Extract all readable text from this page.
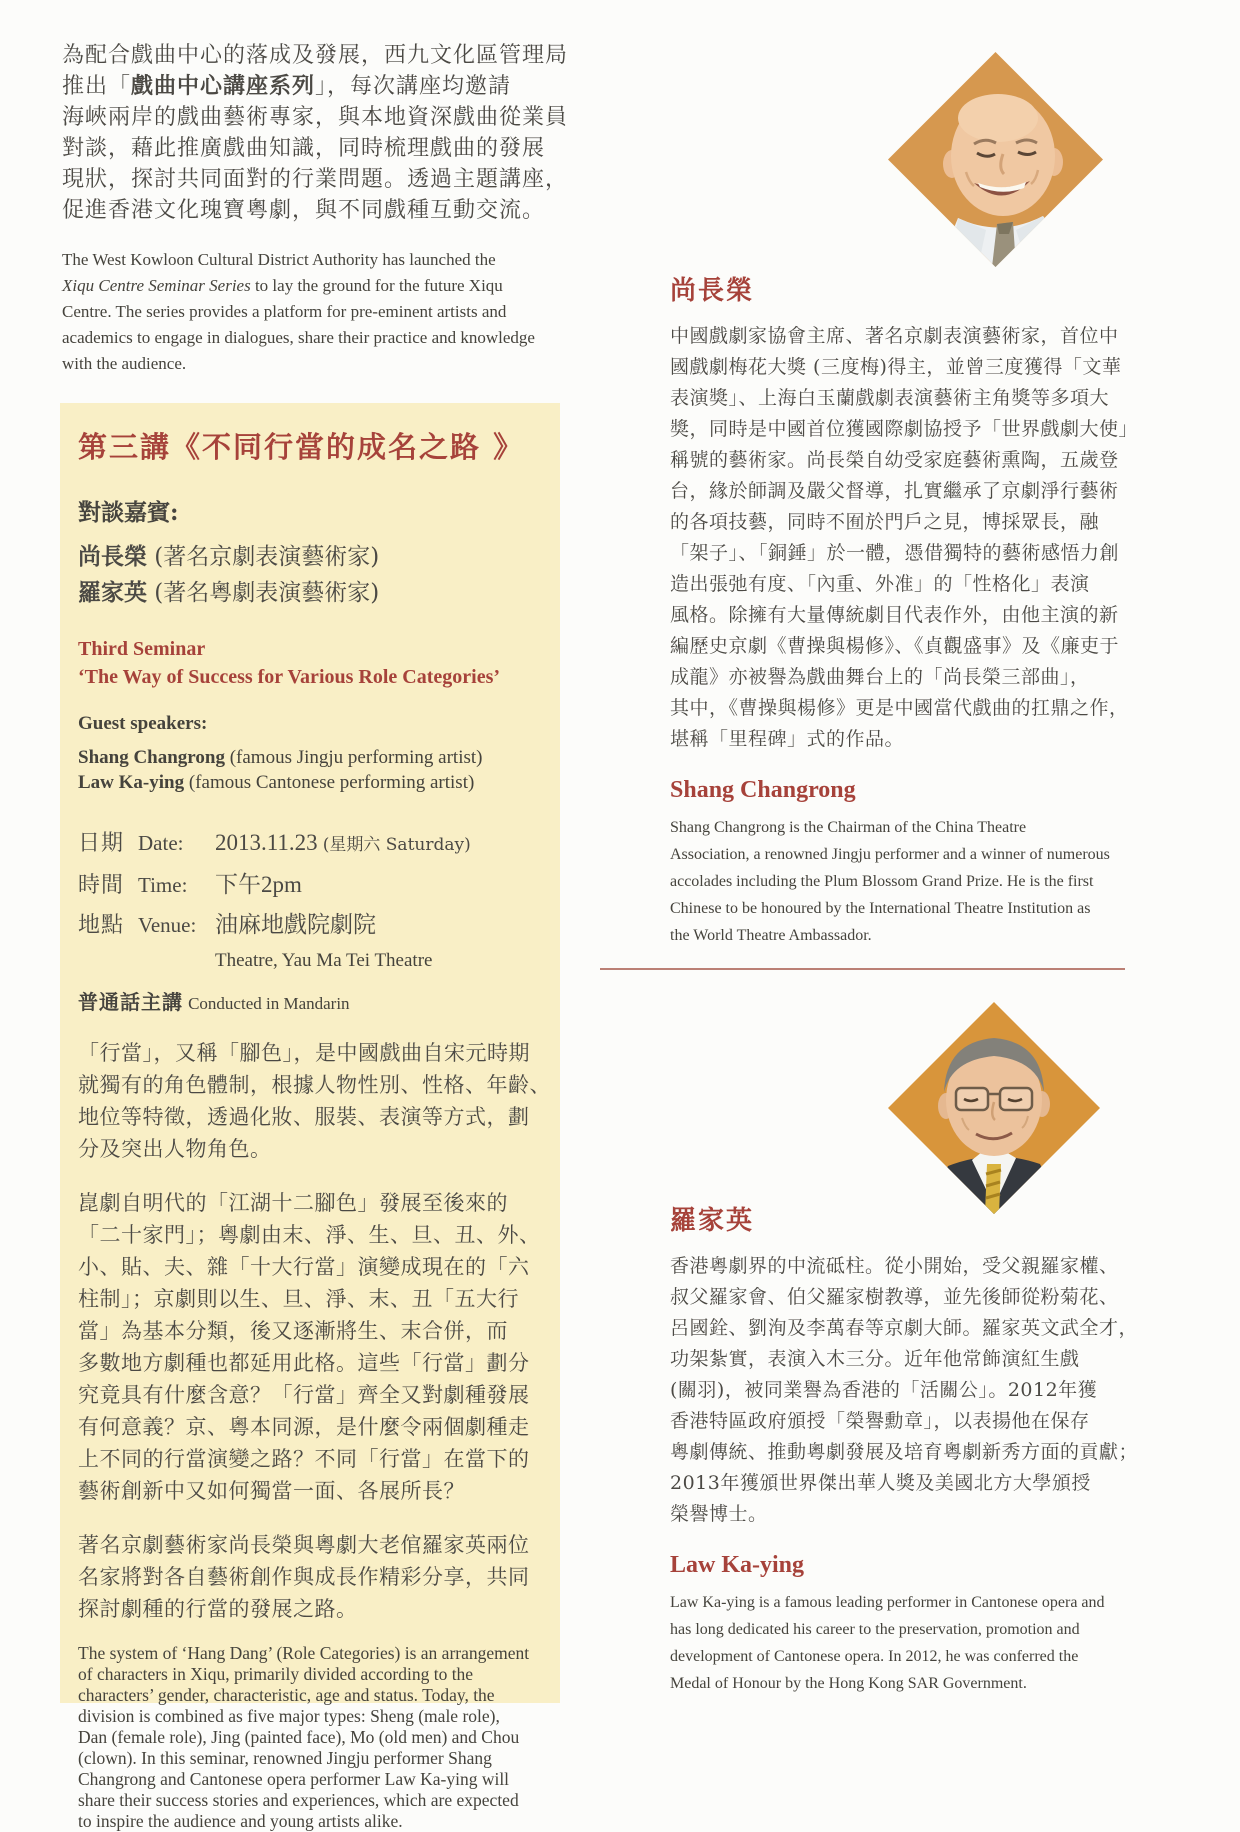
為配合戲曲中心的落成及發展，西九文化區管理局
推出「戲曲中心講座系列」，每次講座均邀請
海峽兩岸的戲曲藝術專家，與本地資深戲曲從業員
對談，藉此推廣戲曲知識，同時梳理戲曲的發展
現狀，探討共同面對的行業問題。透過主題講座，
促進香港文化瑰寶粵劇，與不同戲種互動交流。
The West Kowloon Cultural District Authority has launched the
Xiqu Centre Seminar Series to lay the ground for the future Xiqu
Centre. The series provides a platform for pre-eminent artists and
academics to engage in dialogues, share their practice and knowledge
with the audience.
第三講《不同行當的成名之路 》
對談嘉賓:
尚長榮 (著名京劇表演藝術家)
羅家英 (著名粵劇表演藝術家)
Third Seminar
‘The Way of Success for Various Role Categories’
Guest speakers:
Shang Changrong (famous Jingju performing artist)
Law Ka-ying (famous Cantonese performing artist)
日期 Date: 2013.11.23 (星期六 Saturday)
時間 Time: 下午2pm
地點 Venue: 油麻地戲院劇院
Theatre, Yau Ma Tei Theatre
普通話主講 Conducted in Mandarin
「行當」，又稱「腳色」，是中國戲曲自宋元時期
就獨有的角色體制，根據人物性別、性格、年齡、
地位等特徵，透過化妝、服裝、表演等方式，劃
分及突出人物角色。
崑劇自明代的「江湖十二腳色」發展至後來的
「二十家門」；粵劇由末、淨、生、旦、丑、外、
小、貼、夫、雜「十大行當」演變成現在的「六
柱制」；京劇則以生、旦、淨、末、丑「五大行
當」為基本分類，後又逐漸將生、末合併，而
多數地方劇種也都延用此格。這些「行當」劃分
究竟具有什麼含意？「行當」齊全又對劇種發展
有何意義？京、粵本同源，是什麼令兩個劇種走
上不同的行當演變之路？不同「行當」在當下的
藝術創新中又如何獨當一面、各展所長？
著名京劇藝術家尚長榮與粵劇大老倌羅家英兩位
名家將對各自藝術創作與成長作精彩分享，共同
探討劇種的行當的發展之路。
The system of ‘Hang Dang’ (Role Categories) is an arrangement
of characters in Xiqu, primarily divided according to the
characters’ gender, characteristic, age and status. Today, the
division is combined as five major types: Sheng (male role),
Dan (female role), Jing (painted face), Mo (old men) and Chou
(clown). In this seminar, renowned Jingju performer Shang
Changrong and Cantonese opera performer Law Ka-ying will
share their success stories and experiences, which are expected
to inspire the audience and young artists alike.
尚長榮
中國戲劇家協會主席、著名京劇表演藝術家，首位中
國戲劇梅花大獎 (三度梅)得主，並曾三度獲得「文華
表演獎」、上海白玉蘭戲劇表演藝術主角獎等多項大
獎，同時是中國首位獲國際劇協授予「世界戲劇大使」
稱號的藝術家。尚長榮自幼受家庭藝術熏陶，五歲登
台，緣於師調及嚴父督導，扎實繼承了京劇淨行藝術
的各項技藝，同時不囿於門戶之見，博採眾長，融
「架子」、「銅錘」於一體，憑借獨特的藝術感悟力創
造出張弛有度、「內重、外准」的「性格化」表演
風格。除擁有大量傳統劇目代表作外，由他主演的新
編歷史京劇《曹操與楊修》、《貞觀盛事》及《廉吏于
成龍》亦被譽為戲曲舞台上的「尚長榮三部曲」，
其中，《曹操與楊修》更是中國當代戲曲的扛鼎之作，
堪稱「里程碑」式的作品。
Shang Changrong
Shang Changrong is the Chairman of the China Theatre
Association, a renowned Jingju performer and a winner of numerous
accolades including the Plum Blossom Grand Prize. He is the first
Chinese to be honoured by the International Theatre Institution as
the World Theatre Ambassador.
羅家英
香港粵劇界的中流砥柱。從小開始，受父親羅家權、
叔父羅家會、伯父羅家樹教導，並先後師從粉菊花、
呂國銓、劉洵及李萬春等京劇大師。羅家英文武全才，
功架紮實，表演入木三分。近年他常飾演紅生戲
(關羽)，被同業譽為香港的「活關公」。2012年獲
香港特區政府頒授「榮譽勳章」，以表揚他在保存
粵劇傳統、推動粵劇發展及培育粵劇新秀方面的貢獻；
2013年獲頒世界傑出華人獎及美國北方大學頒授
榮譽博士。
Law Ka-ying
Law Ka-ying is a famous leading performer in Cantonese opera and
has long dedicated his career to the preservation, promotion and
development of Cantonese opera. In 2012, he was conferred the
Medal of Honour by the Hong Kong SAR Government.
